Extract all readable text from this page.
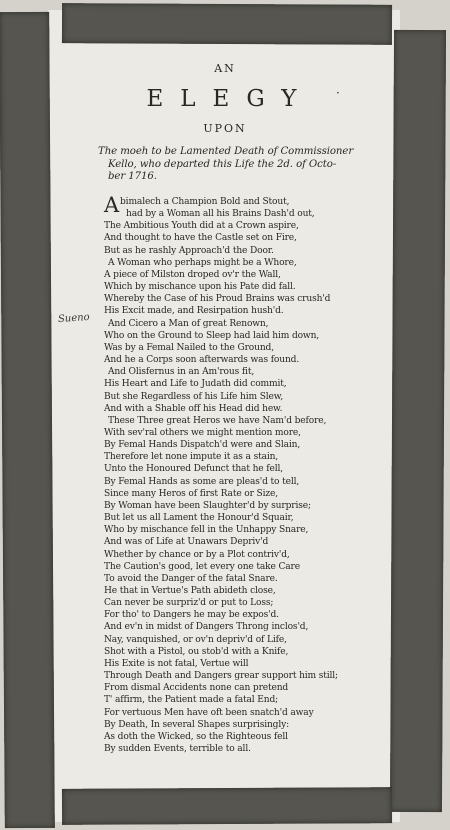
AN
ELEGY	·
UPON
The moeh to be Lamented Death of Commissioner
Kello, who departed this Life the 2d. of Octo-
ber 1716.
Sueno
Abimalech a Champion Bold and Stout,
had by a Woman all his Brains Dash'd out,
The Ambitious Youth did at a Crown aspire,
And thought to have the Castle set on Fire,
But as he rashly Approach'd the Door.
A Woman who perhaps might be a Whore,
A piece of Milston droped ov'r the Wall,
Which by mischance upon his Pate did fall.
Whereby the Case of his Proud Brains was crush'd
His Excit made, and Resirpation hush'd.
And Cicero a Man of great Renown,
Who on the Ground to Sleep had laid him down,
Was by a Femal Nailed to the Ground,
And he a Corps soon afterwards was found.
And Olisfernus in an Am'rous fit,
His Heart and Life to Judath did commit,
But she Regardless of his Life him Slew,
And with a Shable off his Head did hew.
These Three great Heros we have Nam'd before,
With sev'ral others we might mention more,
By Femal Hands Dispatch'd were and Slain,
Therefore let none impute it as a stain,
Unto the Honoured Defunct that he fell,
By Femal Hands as some are pleas'd to tell,
Since many Heros of first Rate or Size,
By Woman have been Slaughter'd by surprise;
But let us all Lament the Honour'd Squair,
Who by mischance fell in the Unhappy Snare,
And was of Life at Unawars Depriv'd
Whether by chance or by a Plot contriv'd,
The Caution's good, let every one take Care
To avoid the Danger of the fatal Snare.
He that in Vertue's Path abideth close,
Can never be surpriz'd or put to Loss;
For tho' to Dangers he may be expos'd.
And ev'n in midst of Dangers Throng inclos'd,
Nay, vanquished, or ov'n depriv'd of Life,
Shot with a Pistol, ou stob'd with a Knife,
His Exite is not fatal, Vertue will
Through Death and Dangers grear support him still;
From dismal Accidents none can pretend
T' affirm, the Patient made a fatal End;
For vertuous Men have oft been snatch'd away
By Death, In several Shapes surprisingly:
As doth the Wicked, so the Righteous fell
By sudden Events, terrible to all.
